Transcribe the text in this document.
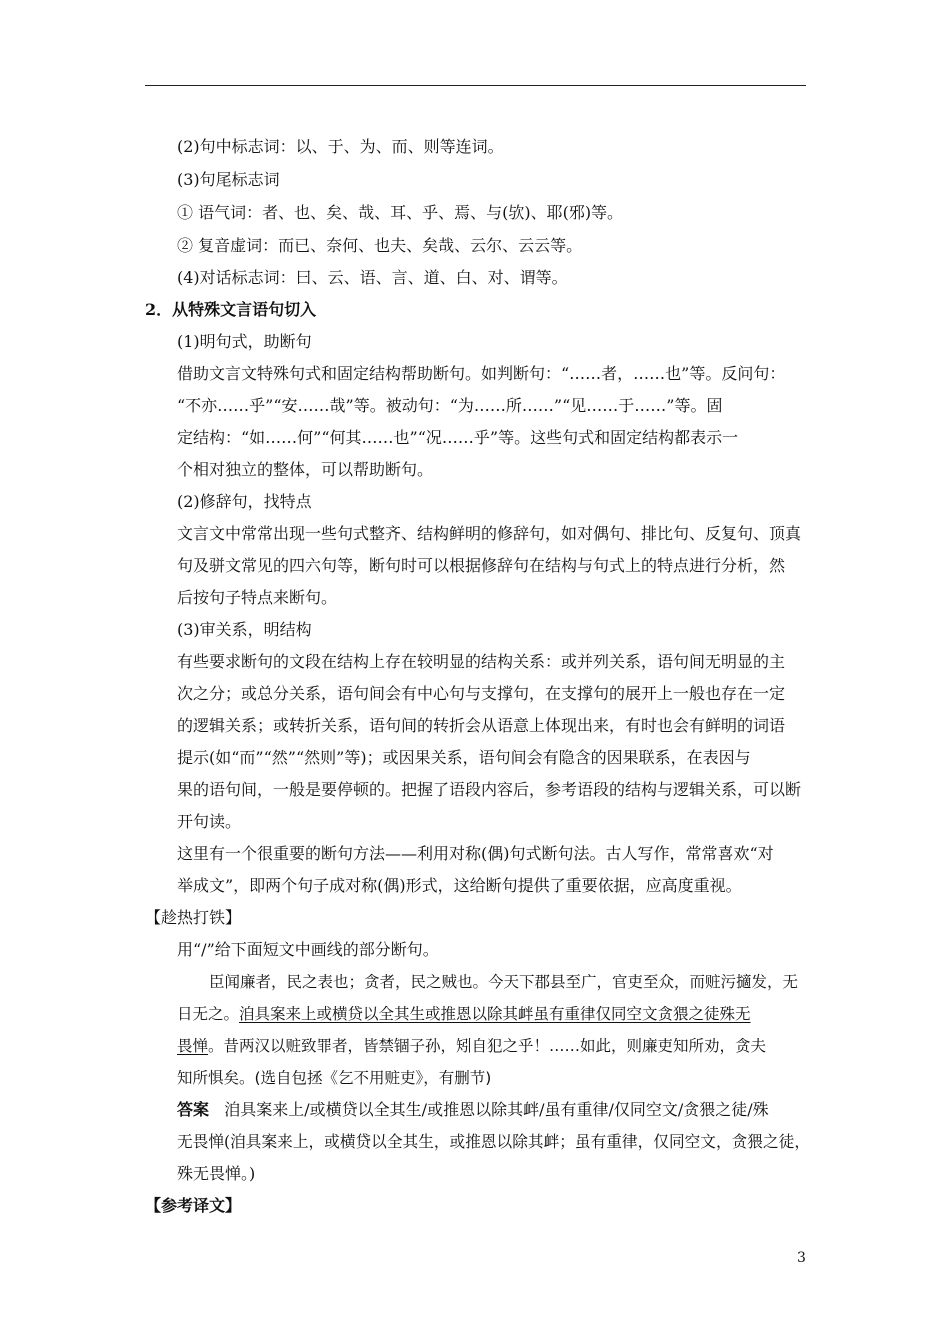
(2)句中标志词：以、于、为、而、则等连词。
(3)句尾标志词
① 语气词：者、也、矣、哉、耳、乎、焉、与(欤)、耶(邪)等。
② 复音虚词：而已、奈何、也夫、矣哉、云尔、云云等。
(4)对话标志词：曰、云、语、言、道、白、对、谓等。
2．从特殊文言语句切入
(1)明句式，助断句
借助文言文特殊句式和固定结构帮助断句。如判断句：“……者，……也”等。反问句：
“不亦……乎”“安……哉”等。被动句：“为……所……”“见……于……”等。固
定结构：“如……何”“何其……也”“况……乎”等。这些句式和固定结构都表示一
个相对独立的整体，可以帮助断句。
(2)修辞句，找特点
文言文中常常出现一些句式整齐、结构鲜明的修辞句，如对偶句、排比句、反复句、顶真
句及骈文常见的四六句等，断句时可以根据修辞句在结构与句式上的特点进行分析，然
后按句子特点来断句。
(3)审关系，明结构
有些要求断句的文段在结构上存在较明显的结构关系：或并列关系，语句间无明显的主
次之分；或总分关系，语句间会有中心句与支撑句，在支撑句的展开上一般也存在一定
的逻辑关系；或转折关系，语句间的转折会从语意上体现出来，有时也会有鲜明的词语
提示(如“而”“然”“然则”等)；或因果关系，语句间会有隐含的因果联系，在表因与
果的语句间，一般是要停顿的。把握了语段内容后，参考语段的结构与逻辑关系，可以断
开句读。
这里有一个很重要的断句方法——利用对称(偶)句式断句法。古人写作，常常喜欢“对
举成文”，即两个句子成对称(偶)形式，这给断句提供了重要依据，应高度重视。
【趁热打铁】
用“/”给下面短文中画线的部分断句。
臣闻廉者，民之表也；贪者，民之贼也。今天下郡县至广，官吏至众，而赃污擿发，无
日无之。洎具案来上或横贷以全其生或推恩以除其衅虽有重律仅同空文贪猥之徒殊无
畏惮。昔两汉以赃致罪者，皆禁锢子孙，矧自犯之乎！……如此，则廉吏知所劝，贪夫
知所惧矣。(选自包拯《乞不用赃吏》，有删节)
答案 洎具案来上/或横贷以全其生/或推恩以除其衅/虽有重律/仅同空文/贪猥之徒/殊
无畏惮(洎具案来上，或横贷以全其生，或推恩以除其衅；虽有重律，仅同空文，贪猥之徒，
殊无畏惮。)
【参考译文】
3
